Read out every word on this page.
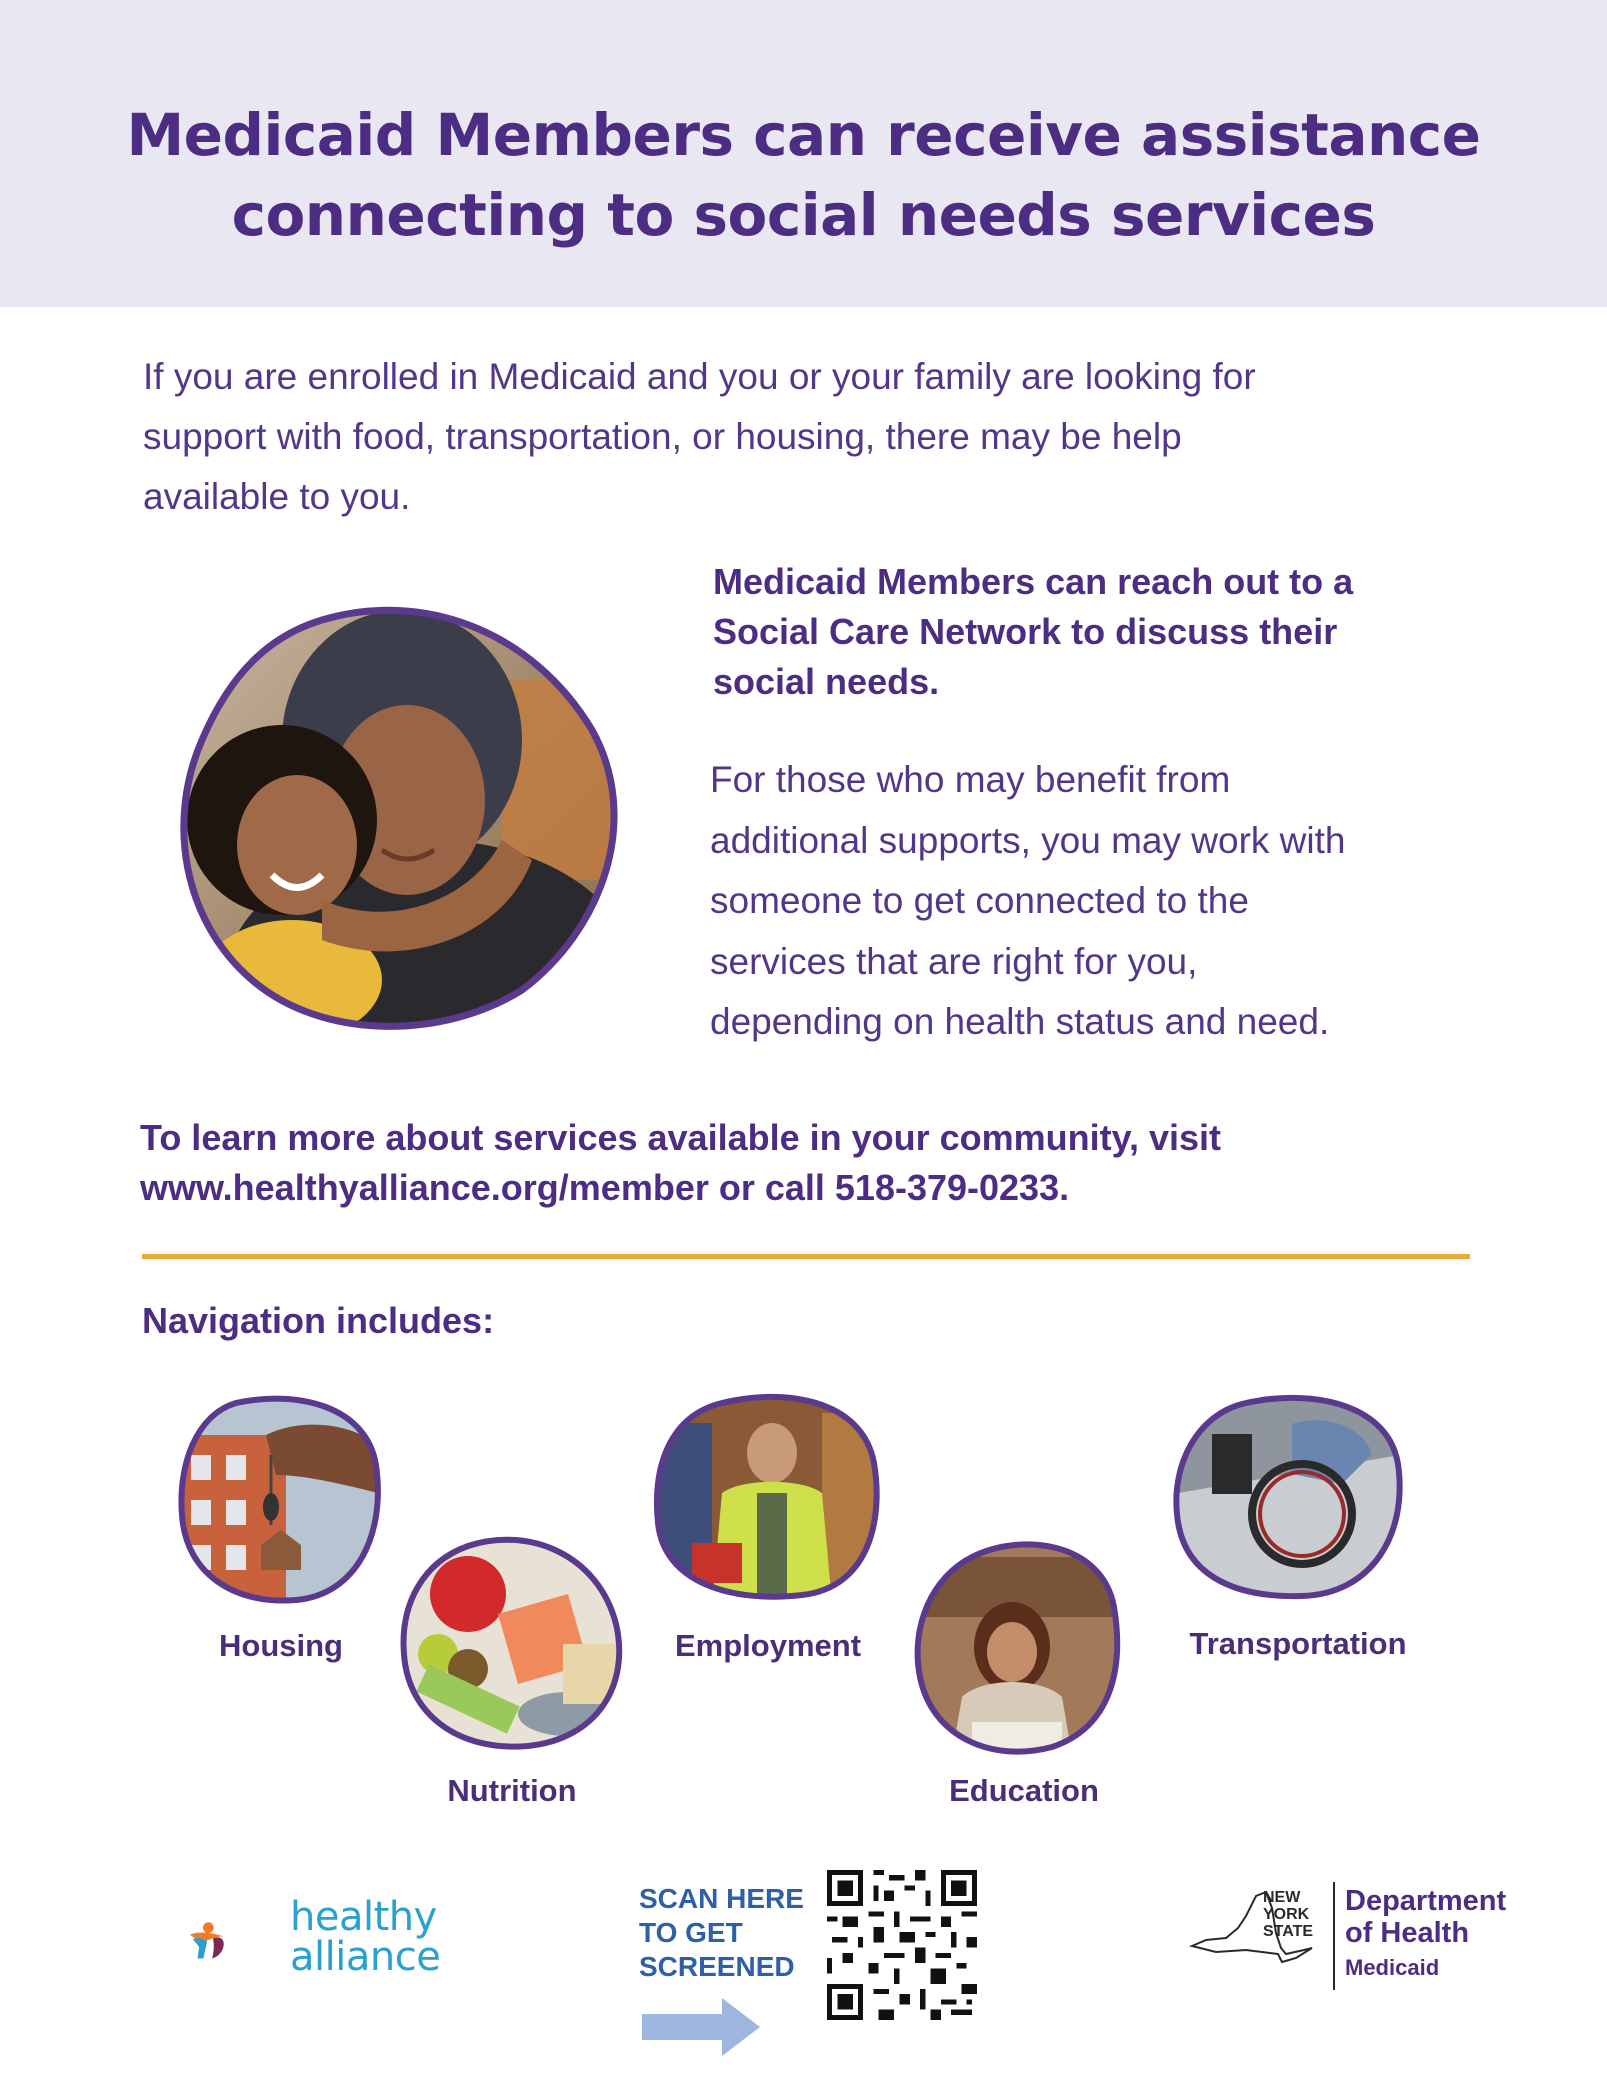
Medicaid Members can receive assistance
connecting to social needs services

If you are enrolled in Medicaid and you or your family are looking for
support with food, transportation, or housing, there may be help
available to you.

Medicaid Members can reach out to a
Social Care Network to discuss their
social needs.

For those who may benefit from
additional supports, you may work with
someone to get connected to the
services that are right for you,
depending on health status and need.

To learn more about services available in your community, visit
www.healthyalliance.org/member or call 518-379-0233.

Navigation includes:

Housing
Nutrition
Employment
Education
Transportation
healthy
alliance
SCAN HERE
TO GET
SCREENED
NEW
YORK
STATE
Department
of Health
Medicaid
